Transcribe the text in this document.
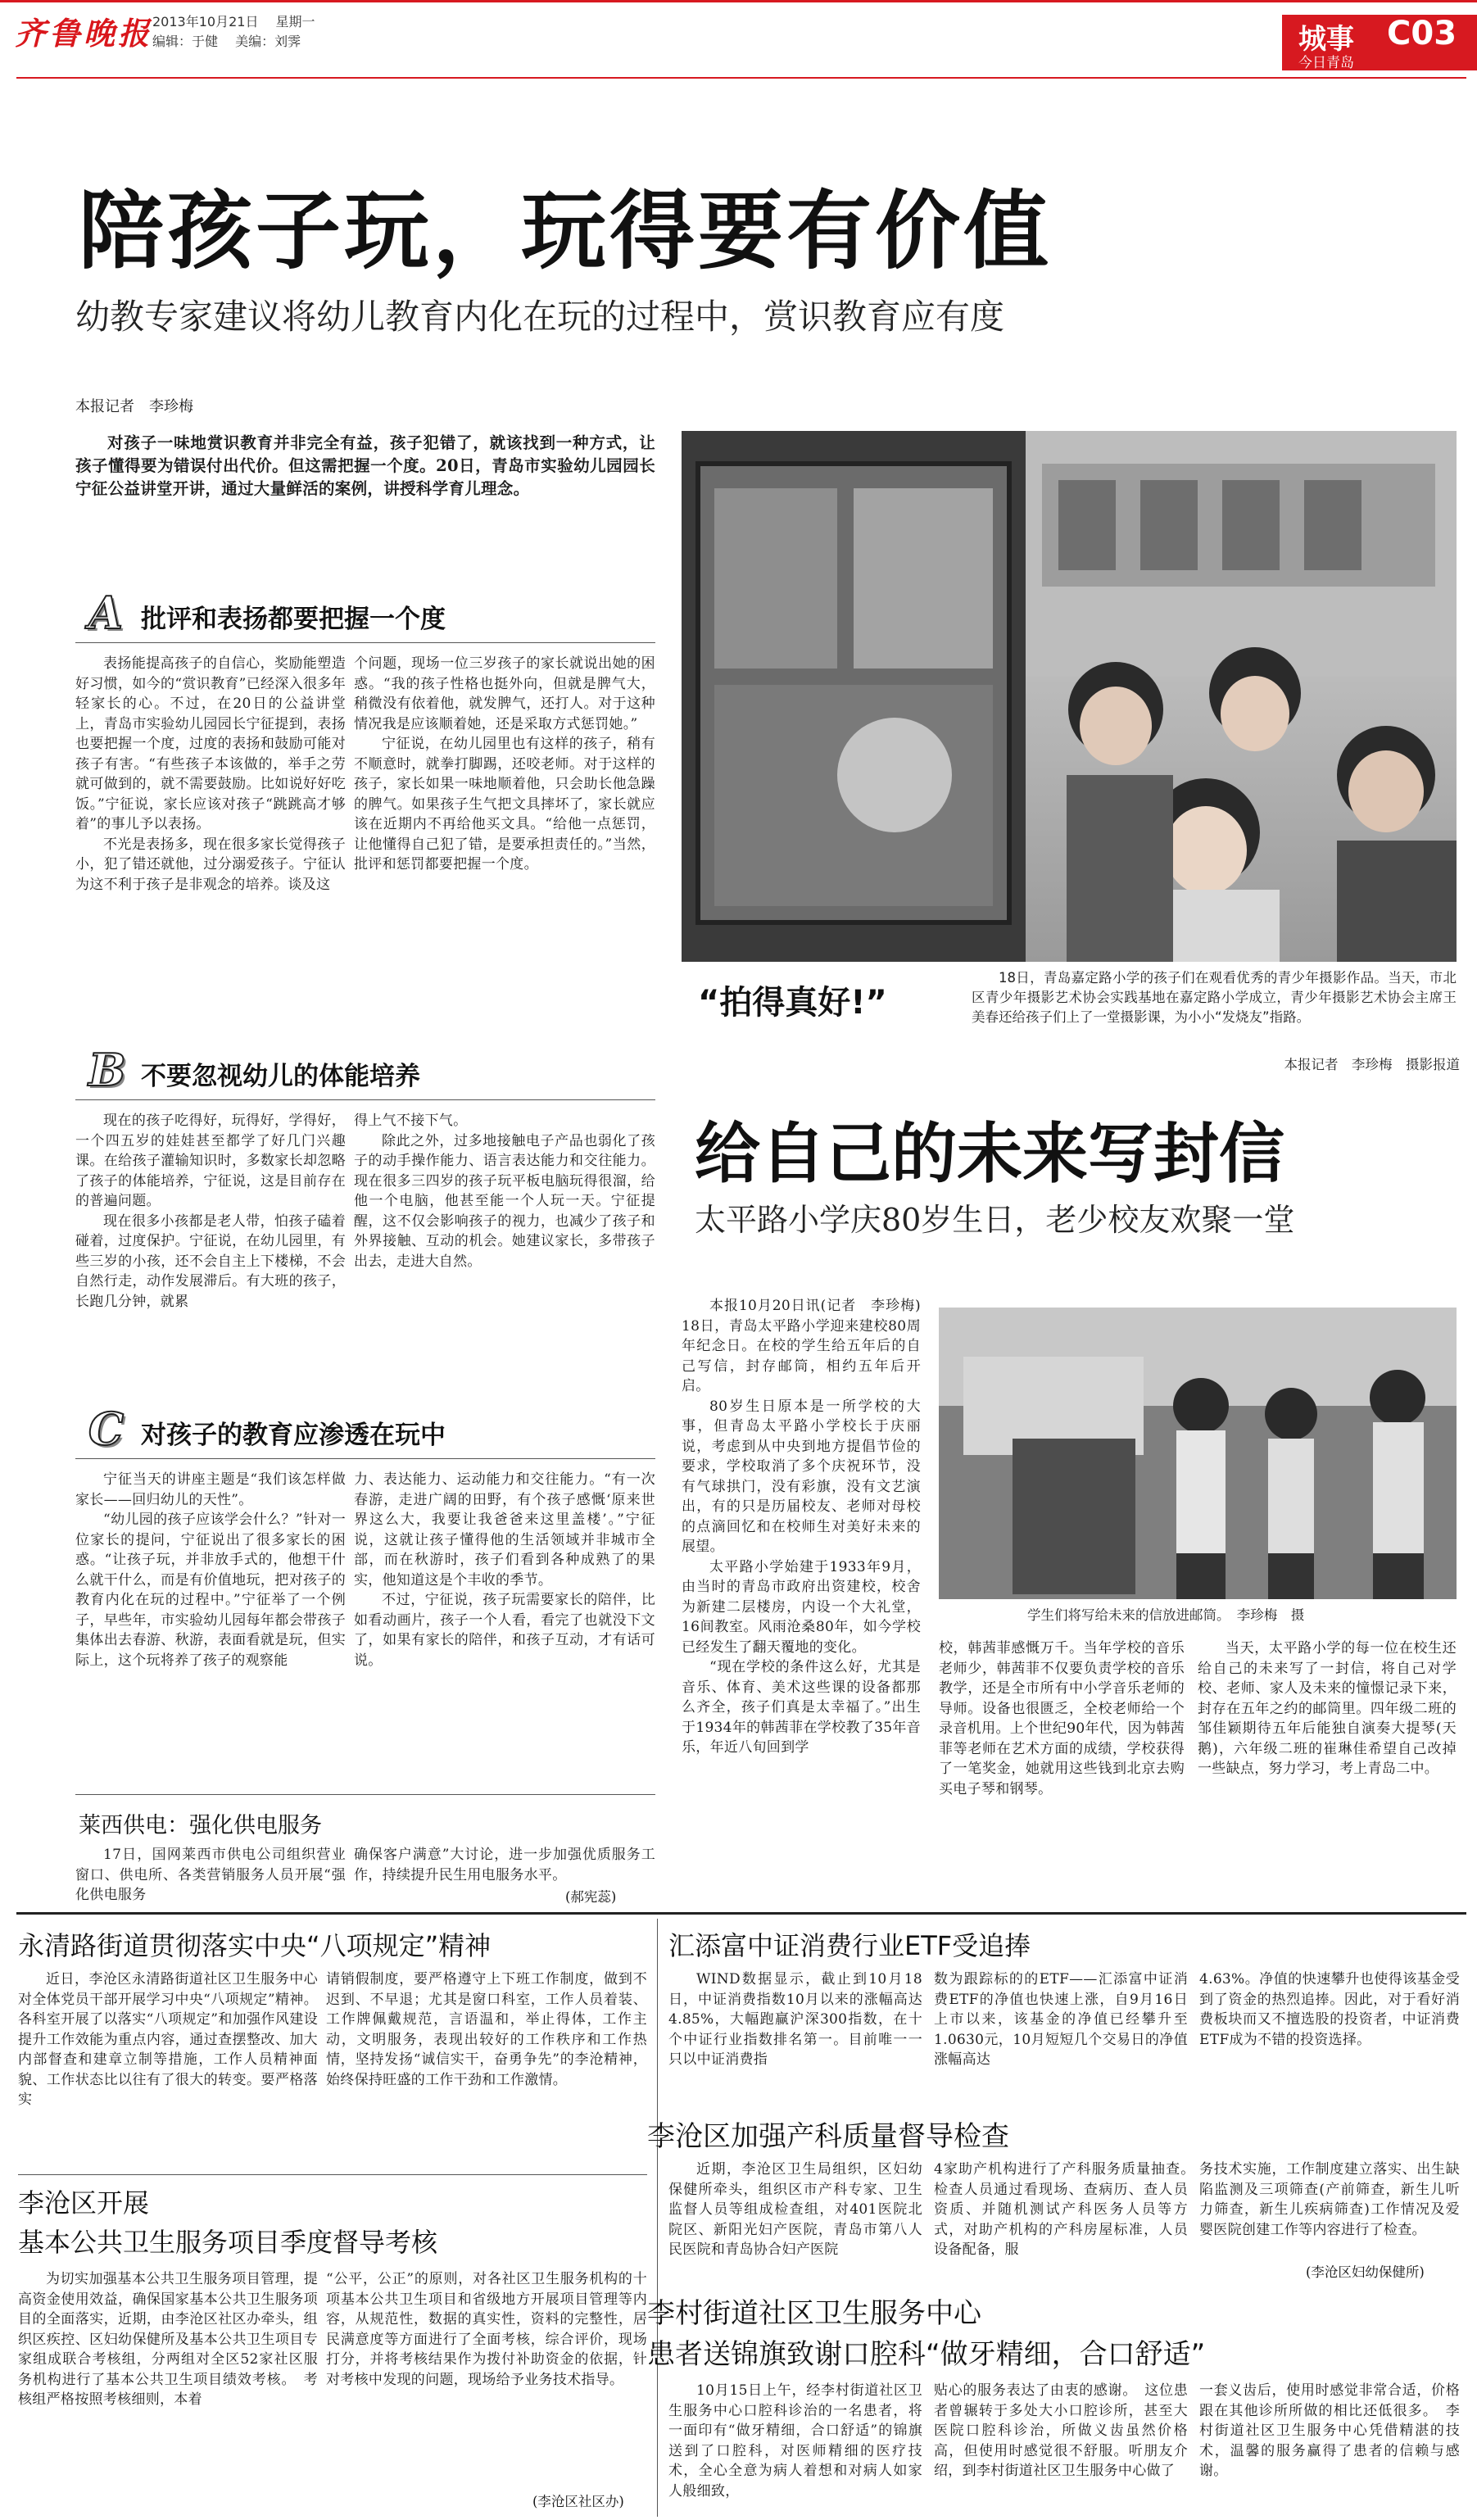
齐鲁晚报 2013年10月21日 星期一
编辑：于健 美编：刘霁	城事 C03
今日青岛
陪孩子玩，玩得要有价值
幼教专家建议将幼儿教育内化在玩的过程中，赏识教育应有度
本报记者　李珍梅

对孩子一味地赏识教育并非完全有益，孩子犯错了，就该找到一种方式，让孩子懂得要为错误付出代价。但这需把握一个度。20日，青岛市实验幼儿园园长宁征公益讲堂开讲，通过大量鲜活的案例，讲授科学育儿理念。

A 批评和表扬都要把握一个度

表扬能提高孩子的自信心，奖励能塑造好习惯，如今的“赏识教育”已经深入很多年轻家长的心。不过，在20日的公益讲堂上，青岛市实验幼儿园园长宁征提到，表扬也要把握一个度，过度的表扬和鼓励可能对孩子有害。“有些孩子本该做的，举手之劳就可做到的，就不需要鼓励。比如说好好吃饭。”宁征说，家长应该对孩子“跳跳高才够着”的事儿予以表扬。

不光是表扬多，现在很多家长觉得孩子小，犯了错还就他，过分溺爱孩子。宁征认为这不利于孩子是非观念的培养。谈及这

个问题，现场一位三岁孩子的家长就说出她的困惑。“我的孩子性格也挺外向，但就是脾气大，稍微没有依着他，就发脾气，还打人。对于这种情况我是应该顺着她，还是采取方式惩罚她。”

宁征说，在幼儿园里也有这样的孩子，稍有不顺意时，就拳打脚踢，还咬老师。对于这样的孩子，家长如果一味地顺着他，只会助长他急躁的脾气。如果孩子生气把文具摔坏了，家长就应该在近期内不再给他买文具。“给他一点惩罚，让他懂得自己犯了错，是要承担责任的。”当然，批评和惩罚都要把握一个度。

B 不要忽视幼儿的体能培养

现在的孩子吃得好，玩得好，学得好，一个四五岁的娃娃甚至都学了好几门兴趣课。在给孩子灌输知识时，多数家长却忽略了孩子的体能培养，宁征说，这是目前存在的普遍问题。

现在很多小孩都是老人带，怕孩子磕着碰着，过度保护。宁征说，在幼儿园里，有些三岁的小孩，还不会自主上下楼梯，不会自然行走，动作发展滞后。有大班的孩子，长跑几分钟，就累

得上气不接下气。

除此之外，过多地接触电子产品也弱化了孩子的动手操作能力、语言表达能力和交往能力。现在很多三四岁的孩子玩平板电脑玩得很溜，给他一个电脑，他甚至能一个人玩一天。宁征提醒，这不仅会影响孩子的视力，也减少了孩子和外界接触、互动的机会。她建议家长，多带孩子出去，走进大自然。

C 对孩子的教育应渗透在玩中

宁征当天的讲座主题是“我们该怎样做家长——回归幼儿的天性”。

“幼儿园的孩子应该学会什么？”针对一位家长的提问，宁征说出了很多家长的困惑。“让孩子玩，并非放手式的，他想干什么就干什么，而是有价值地玩，把对孩子的教育内化在玩的过程中。”宁征举了一个例子，早些年，市实验幼儿园每年都会带孩子集体出去春游、秋游，表面看就是玩，但实际上，这个玩将养了孩子的观察能

力、表达能力、运动能力和交往能力。“有一次春游，走进广阔的田野，有个孩子感慨‘原来世界这么大，我要让我爸爸来这里盖楼’。”宁征说，这就让孩子懂得他的生活领域并非城市全部，而在秋游时，孩子们看到各种成熟了的果实，他知道这是个丰收的季节。

不过，宁征说，孩子玩需要家长的陪伴，比如看动画片，孩子一个人看，看完了也就没下文了，如果有家长的陪伴，和孩子互动，才有话可说。

“拍得真好!”

18日，青岛嘉定路小学的孩子们在观看优秀的青少年摄影作品。当天，市北区青少年摄影艺术协会实践基地在嘉定路小学成立，青少年摄影艺术协会主席王美春还给孩子们上了一堂摄影课，为小小“发烧友”指路。

本报记者　李珍梅　摄影报道
给自己的未来写封信
太平路小学庆80岁生日，老少校友欢聚一堂

本报10月20日讯(记者　李珍梅)　18日，青岛太平路小学迎来建校80周年纪念日。在校的学生给五年后的自己写信，封存邮筒，相约五年后开启。

80岁生日原本是一所学校的大事，但青岛太平路小学校长于庆丽说，考虑到从中央到地方提倡节俭的要求，学校取消了多个庆祝环节，没有气球拱门，没有彩旗，没有文艺演出，有的只是历届校友、老师对母校的点滴回忆和在校师生对美好未来的展望。

太平路小学始建于1933年9月，由当时的青岛市政府出资建校，校舍为新建二层楼房，内设一个大礼堂，16间教室。风雨沧桑80年，如今学校已经发生了翻天覆地的变化。

“现在学校的条件这么好，尤其是音乐、体育、美术这些课的设备都那么齐全，孩子们真是太幸福了。”出生于1934年的韩茜菲在学校教了35年音乐，年近八旬回到学

学生们将写给未来的信放进邮筒。　李珍梅　摄

校，韩茜菲感慨万千。当年学校的音乐老师少，韩茜菲不仅要负责学校的音乐教学，还是全市所有中小学音乐老师的导师。设备也很匮乏，全校老师给一个录音机用。上个世纪90年代，因为韩茜菲等老师在艺术方面的成绩，学校获得了一笔奖金，她就用这些钱到北京去购买电子琴和钢琴。

当天，太平路小学的每一位在校生还给自己的未来写了一封信，将自己对学校、老师、家人及未来的憧憬记录下来，封存在五年之约的邮筒里。四年级二班的邹佳颖期待五年后能独自演奏大提琴(天鹅)，六年级二班的崔琳佳希望自己改掉一些缺点，努力学习，考上青岛二中。

莱西供电：强化供电服务

17日，国网莱西市供电公司组织营业窗口、供电所、各类营销服务人员开展“强化供电服务

确保客户满意”大讨论，进一步加强优质服务工作，持续提升民生用电服务水平。

(郝宪蕊)
永清路街道贯彻落实中央“八项规定”精神

近日，李沧区永清路街道社区卫生服务中心对全体党员干部开展学习中央“八项规定”精神。各科室开展了以落实“八项规定”和加强作风建设提升工作效能为重点内容，通过查摆整改、加大内部督查和建章立制等措施，工作人员精神面貌、工作状态比以往有了很大的转变。要严格落实

请销假制度，要严格遵守上下班工作制度，做到不迟到、不早退；尤其是窗口科室，工作人员着装、工作牌佩戴规范，言语温和，举止得体，工作主动，文明服务，表现出较好的工作秩序和工作热情，坚持发扬“诚信实干，奋勇争先”的李沧精神，始终保持旺盛的工作干劲和工作激情。

李沧区开展
基本公共卫生服务项目季度督导考核

为切实加强基本公共卫生服务项目管理，提高资金使用效益，确保国家基本公共卫生服务项目的全面落实，近期，由李沧区社区办牵头，组织区疾控、区妇幼保健所及基本公共卫生项目专家组成联合考核组，分两组对全区52家社区服务机构进行了基本公共卫生项目绩效考核。　考核组严格按照考核细则，本着

“公平，公正”的原则，对各社区卫生服务机构的十项基本公共卫生项目和省级地方开展项目管理等内容，从规范性，数据的真实性，资料的完整性，居民满意度等方面进行了全面考核，综合评价，现场打分，并将考核结果作为拨付补助资金的依据，针对考核中发现的问题，现场给予业务技术指导。

(李沧区社区办)
汇添富中证消费行业ETF受追捧

WIND数据显示，截止到10月18日，中证消费指数10月以来的涨幅高达4.85%，大幅跑赢沪深300指数，在十个中证行业指数排名第一。目前唯一一只以中证消费指

数为跟踪标的的ETF——汇添富中证消费ETF的净值也快速上涨，自9月16日上市以来，该基金的净值已经攀升至1.0630元，10月短短几个交易日的净值涨幅高达

4.63%。净值的快速攀升也使得该基金受到了资金的热烈追捧。因此，对于看好消费板块而又不擅选股的投资者，中证消费ETF成为不错的投资选择。

李沧区加强产科质量督导检查

近期，李沧区卫生局组织，区妇幼保健所牵头，组织区市产科专家、卫生监督人员等组成检查组，对401医院北院区、新阳光妇产医院，青岛市第八人民医院和青岛协合妇产医院

4家助产机构进行了产科服务质量抽查。　检查人员通过看现场、查病历、查人员资质、并随机测试产科医务人员等方式，对助产机构的产科房屋标准，人员设备配备，服

务技术实施，工作制度建立落实、出生缺陷监测及三项筛查(产前筛查，新生儿听力筛查，新生儿疾病筛查)工作情况及爱婴医院创建工作等内容进行了检查。

(李沧区妇幼保健所)
李村街道社区卫生服务中心
患者送锦旗致谢口腔科“做牙精细，合口舒适”

10月15日上午，经李村街道社区卫生服务中心口腔科诊治的一名患者，将一面印有“做牙精细，合口舒适”的锦旗送到了口腔科，对医师精细的医疗技术，全心全意为病人着想和对病人如家人般细致，

贴心的服务表达了由衷的感谢。　这位患者曾辗转于多处大小口腔诊所，甚至大医院口腔科诊治，所做义齿虽然价格高，但使用时感觉很不舒服。听朋友介绍，到李村街道社区卫生服务中心做了

一套义齿后，使用时感觉非常合适，价格跟在其他诊所所做的相比还低很多。　李村街道社区卫生服务中心凭借精湛的技术，温馨的服务赢得了患者的信赖与感谢。
